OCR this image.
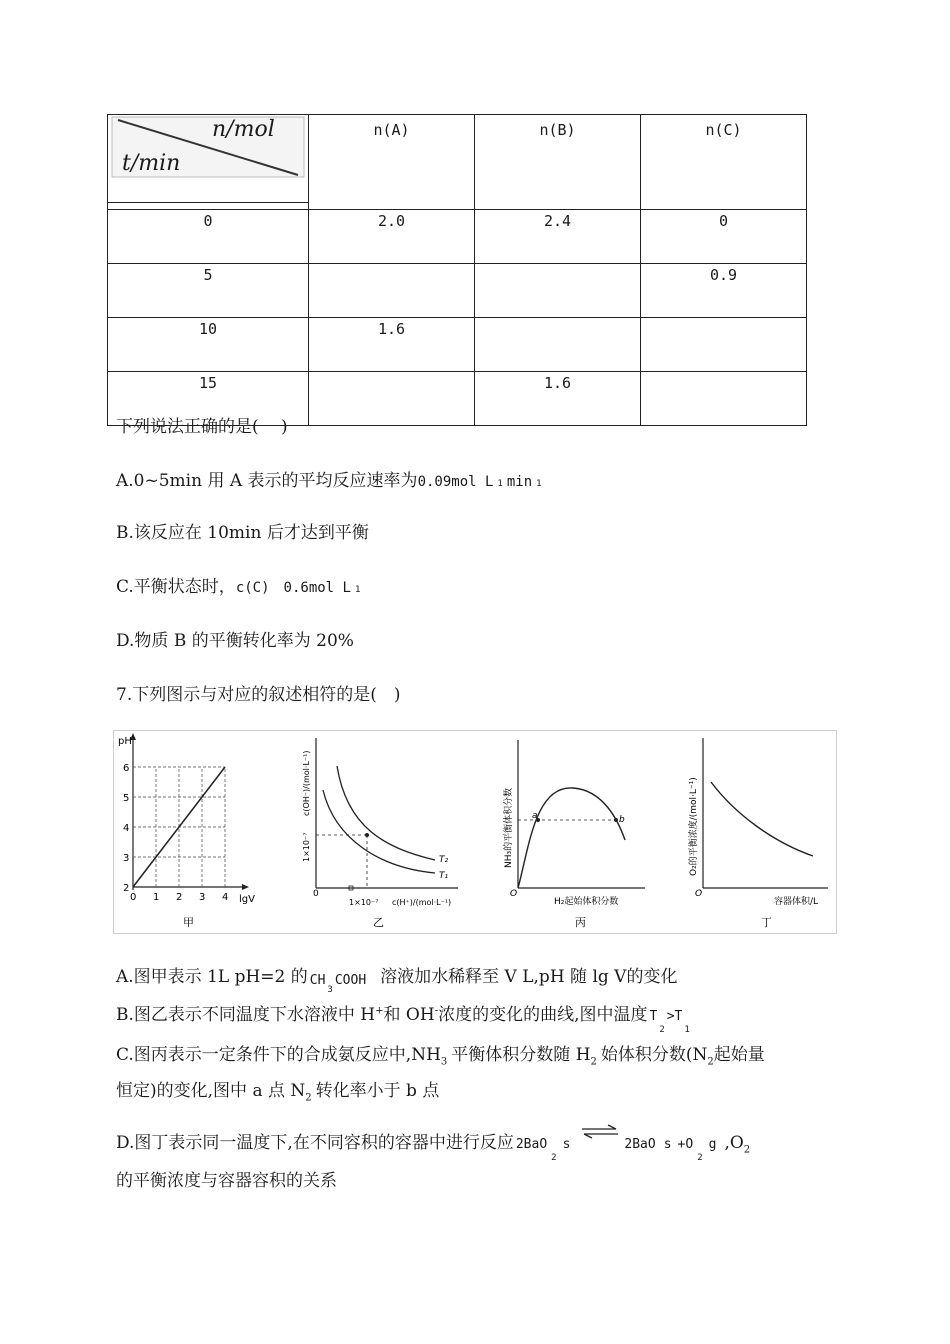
n/mol
t/min	n(A)	n(B)	n(C)
0	2.0	2.4	0
5			0.9
10	1.6		
15		1.6	
下列说法正确的是(　 )
A.0~5min 用 A 表示的平均反应速率为0.09mol L 1 min 1
B.该反应在 10min 后才达到平衡
C.平衡状态时，c(C)　0.6mol L 1
D.物质 B 的平衡转化率为 20%
7.下列图示与对应的叙述相符的是(　)
pH
lgV
2
3
4
5
6
0 1 2 3 4
甲
0
T₂
T₁
1×10⁻⁷ c(H⁺)/(mol·L⁻¹)
1×10⁻⁷
c(OH⁻)/(mol·L⁻¹)
乙
a	b
O
H₂起始体积分数
NH₃的平衡体积分数
丙
O
容器体积/L
O₂的平衡浓度/(mol·L⁻¹)
丁
A.图甲表示 1L pH=2 的 $CH_3COOH$ 溶液加水稀释至 V L,pH 随 lg V的变化
B.图乙表示不同温度下水溶液中 H+和 OH-浓度的变化的曲线,图中温度 $T_2>T_1$
C.图丙表示一定条件下的合成氨反应中$,NH_3$ 平衡体积分数随 $H_2$ 始体积分数($N_2$起始量
恒定)的变化,图中 a 点 $N_2$ 转化率小于 b 点
D.图丁表示同一温度下,在不同容积的容器中进行反应 2BaO$_2$s	2BaO $s +O_2g$ $,O_2$
的平衡浓度与容器容积的关系
